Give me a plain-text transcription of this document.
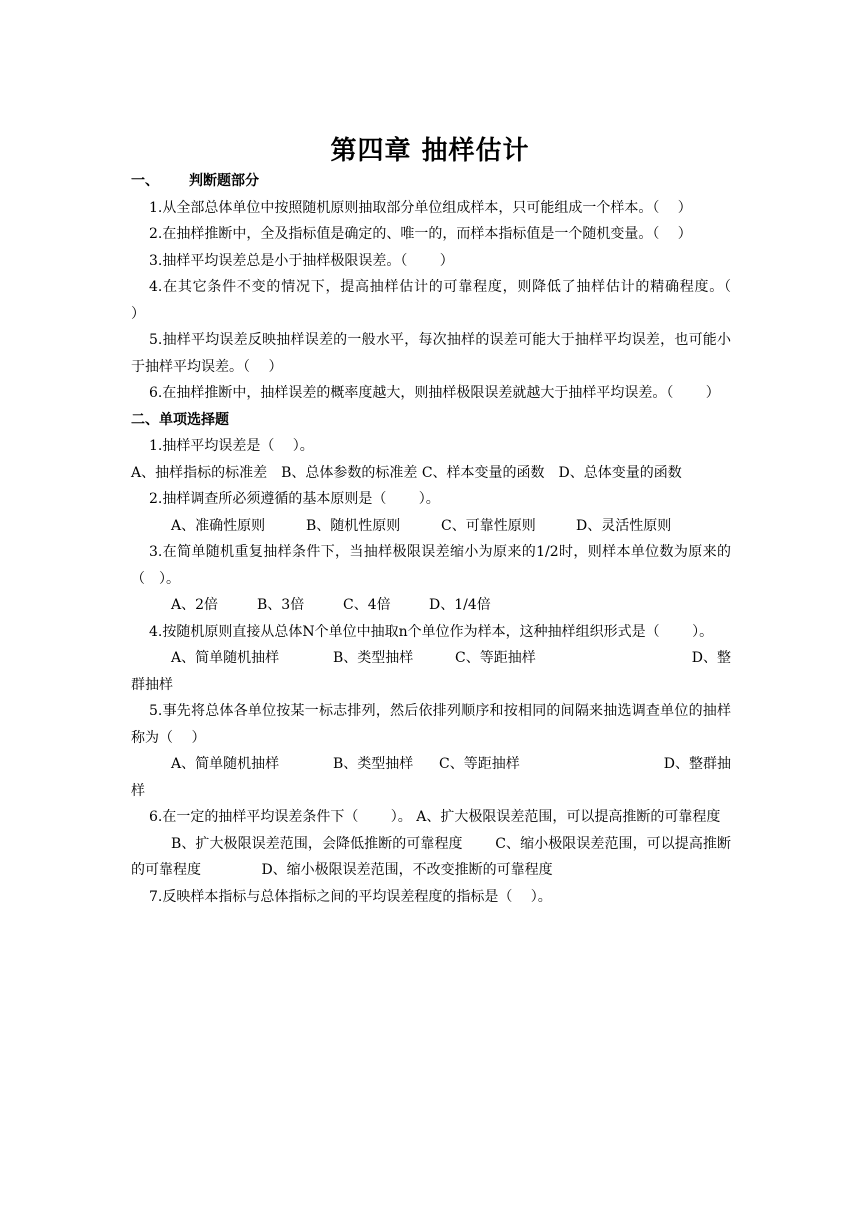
第四章 抽样估计
一、 判断题部分

1.从全部总体单位中按照随机原则抽取部分单位组成样本，只可能组成一个样本。（　 ）

2.在抽样推断中，全及指标值是确定的、唯一的，而样本指标值是一个随机变量。（　 ）

3.抽样平均误差总是小于抽样极限误差。（　 　）

4.在其它条件不变的情况下，提高抽样估计的可靠程度，则降低了抽样估计的精确程度。（　 　）

5.抽样平均误差反映抽样误差的一般水平，每次抽样的误差可能大于抽样平均误差，也可能小于抽样平均误差。（　 ）

6.在抽样推断中，抽样误差的概率度越大，则抽样极限误差就越大于抽样平均误差。（　 　）

二、单项选择题

1.抽样平均误差是（　 ）。

A、抽样指标的标准差　B、总体参数的标准差 C、样本变量的函数　D、总体变量的函数

2.抽样调查所必须遵循的基本原则是（　 　）。

A、准确性原则	B、随机性原则	C、可靠性原则	D、灵活性原则

3.在简单随机重复抽样条件下，当抽样极限误差缩小为原来的1/2时，则样本单位数为原来的（　）。

A、2倍	B、3倍	C、4倍	D、1/4倍

4.按随机原则直接从总体N个单位中抽取n个单位作为样本，这种抽样组织形式是（　 　）。

A、简单随机抽样	B、类型抽样	C、等距抽样	D、整

群抽样

5.事先将总体各单位按某一标志排列，然后依排列顺序和按相同的间隔来抽选调查单位的抽样称为（　 ）

A、简单随机抽样	B、类型抽样 C、等距抽样	D、整群抽

样

6.在一定的抽样平均误差条件下（　 　）。 A、扩大极限误差范围，可以提高推断的可靠程度

B、扩大极限误差范围，会降低推断的可靠程度　　 C、缩小极限误差范围，可以提高推断的可靠程度　　　　 D、缩小极限误差范围，不改变推断的可靠程度

7.反映样本指标与总体指标之间的平均误差程度的指标是（　 ）。
